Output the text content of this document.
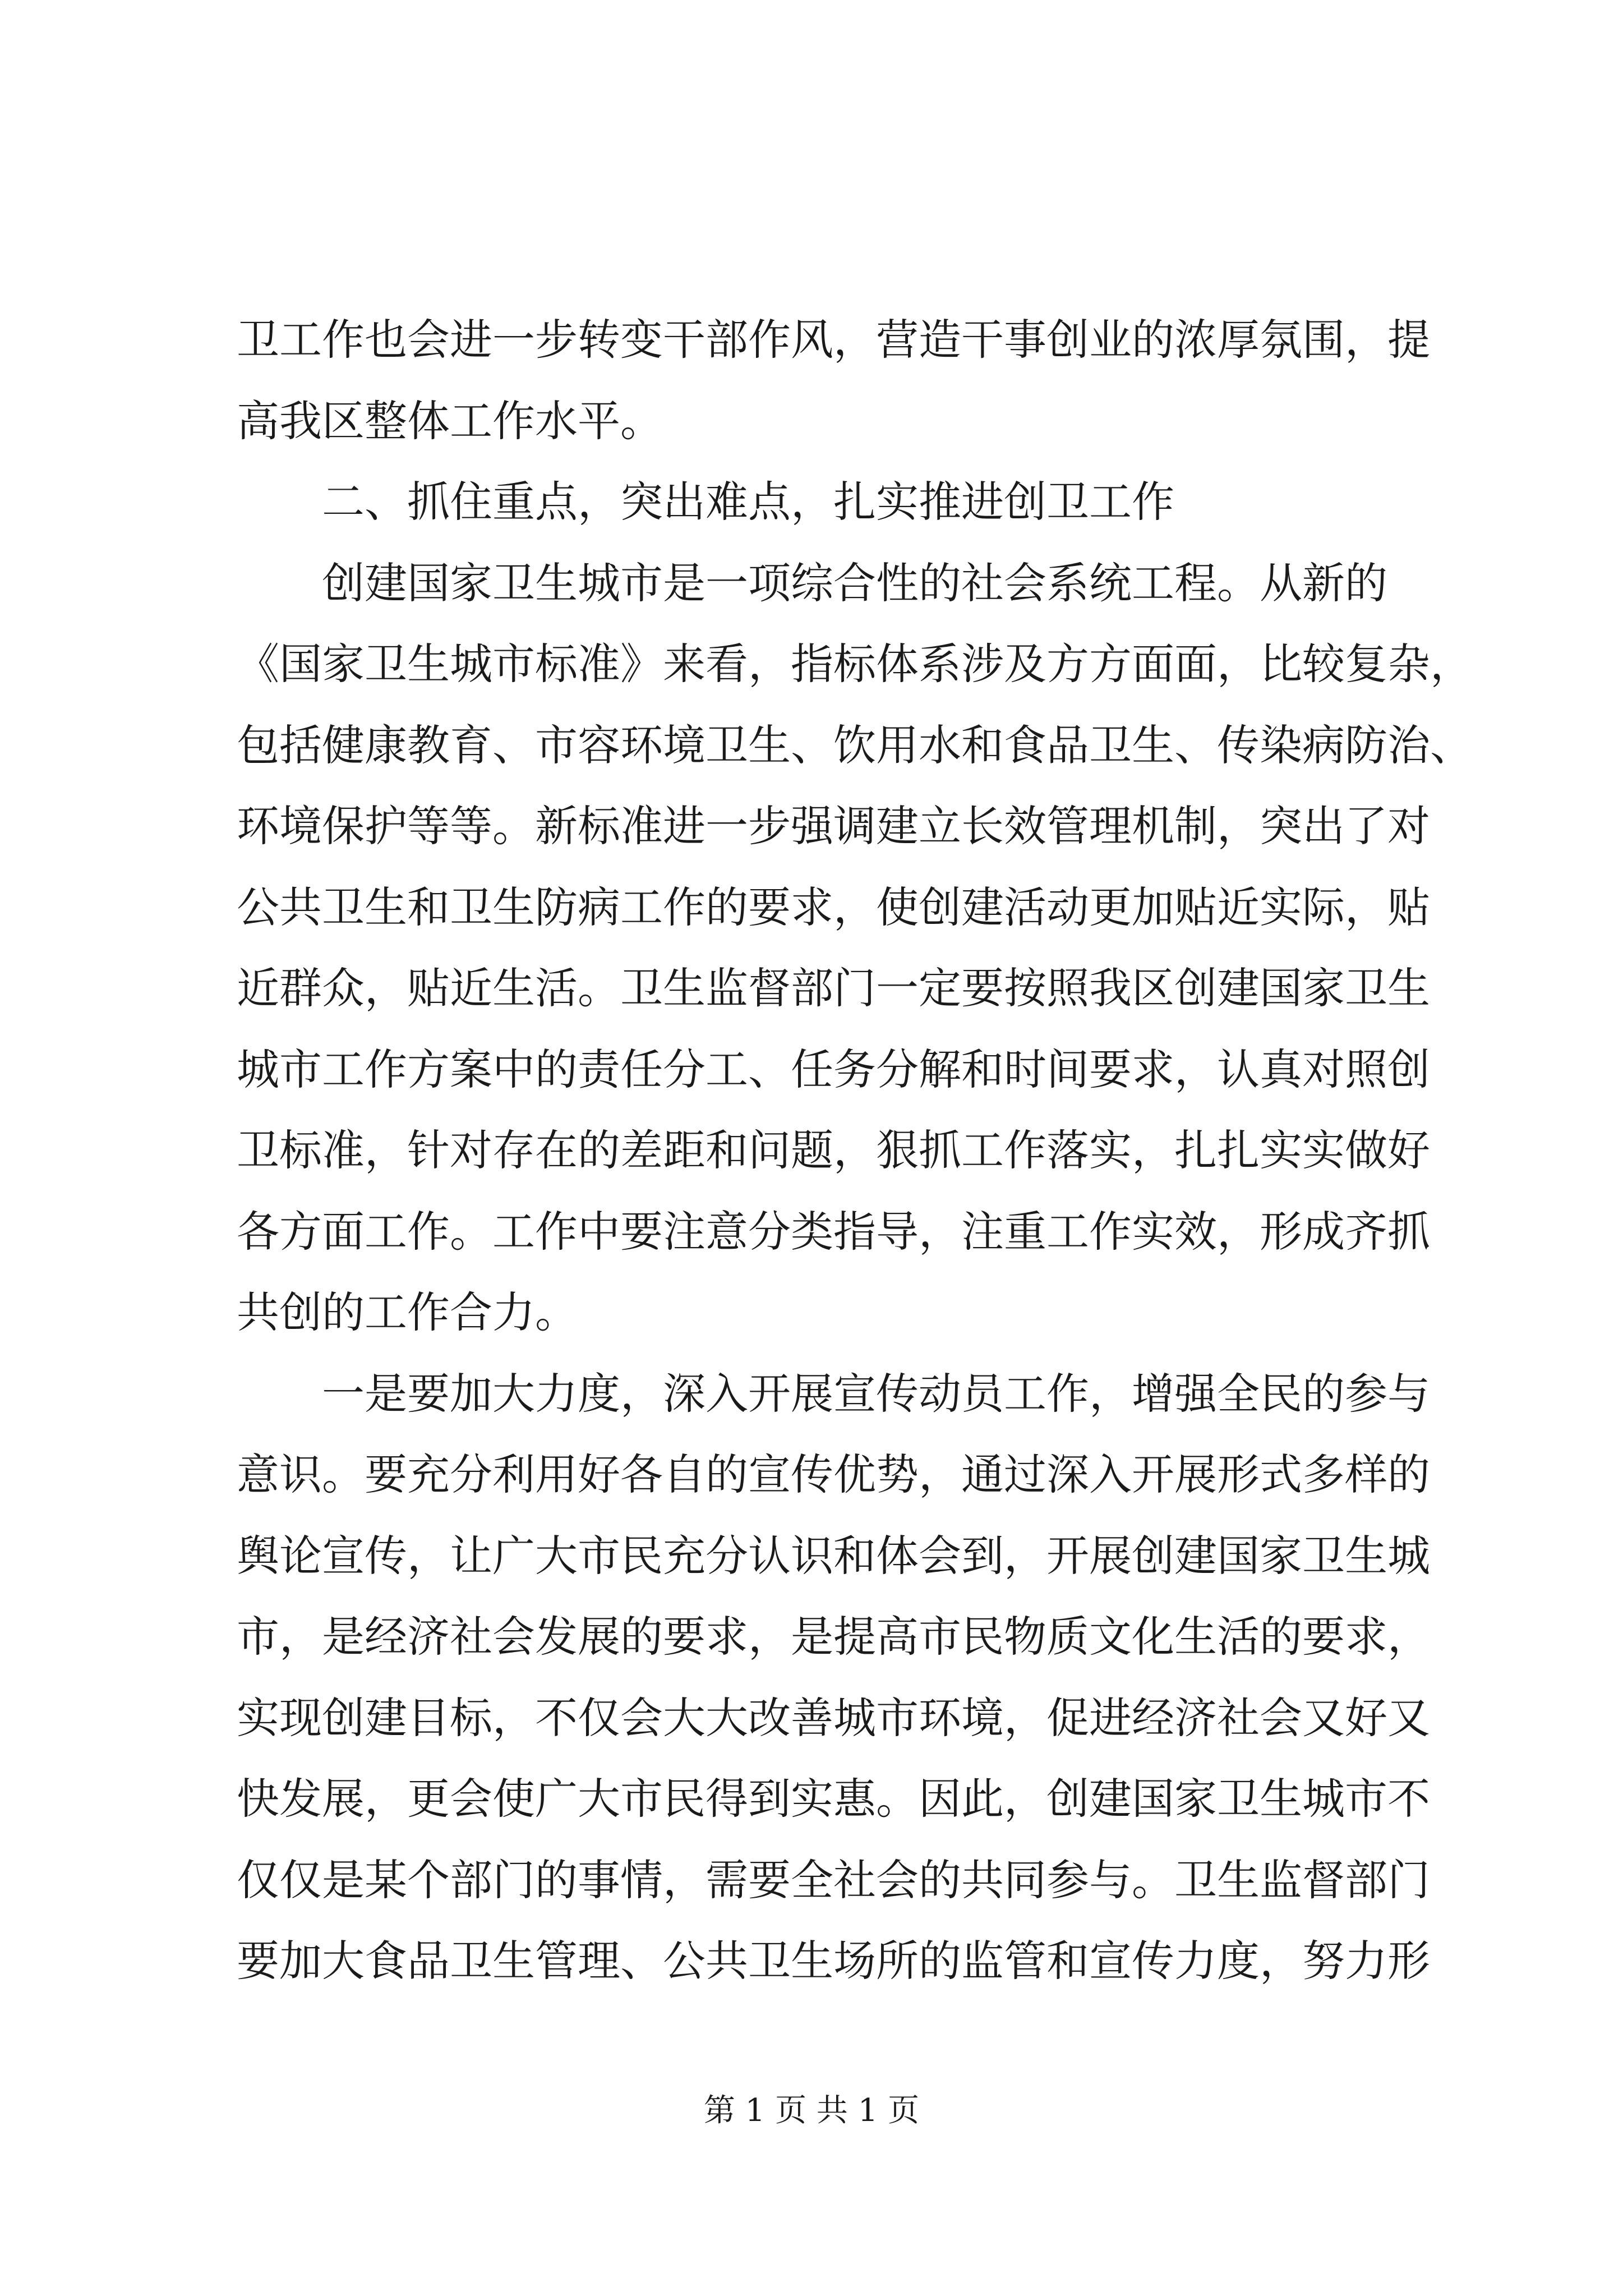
卫工作也会进一步转变干部作风，营造干事创业的浓厚氛围，提
高我区整体工作水平。
二、抓住重点，突出难点，扎实推进创卫工作
创建国家卫生城市是一项综合性的社会系统工程。从新的
《国家卫生城市标准》来看，指标体系涉及方方面面，比较复杂，
包括健康教育、市容环境卫生、饮用水和食品卫生、传染病防治、
环境保护等等。新标准进一步强调建立长效管理机制，突出了对
公共卫生和卫生防病工作的要求，使创建活动更加贴近实际，贴
近群众，贴近生活。卫生监督部门一定要按照我区创建国家卫生
城市工作方案中的责任分工、任务分解和时间要求，认真对照创
卫标准，针对存在的差距和问题，狠抓工作落实，扎扎实实做好
各方面工作。工作中要注意分类指导，注重工作实效，形成齐抓
共创的工作合力。
一是要加大力度，深入开展宣传动员工作，增强全民的参与
意识。要充分利用好各自的宣传优势，通过深入开展形式多样的
舆论宣传，让广大市民充分认识和体会到，开展创建国家卫生城
市，是经济社会发展的要求，是提高市民物质文化生活的要求，
实现创建目标，不仅会大大改善城市环境，促进经济社会又好又
快发展，更会使广大市民得到实惠。因此，创建国家卫生城市不
仅仅是某个部门的事情，需要全社会的共同参与。卫生监督部门
要加大食品卫生管理、公共卫生场所的监管和宣传力度，努力形
第 1 页 共 1 页
